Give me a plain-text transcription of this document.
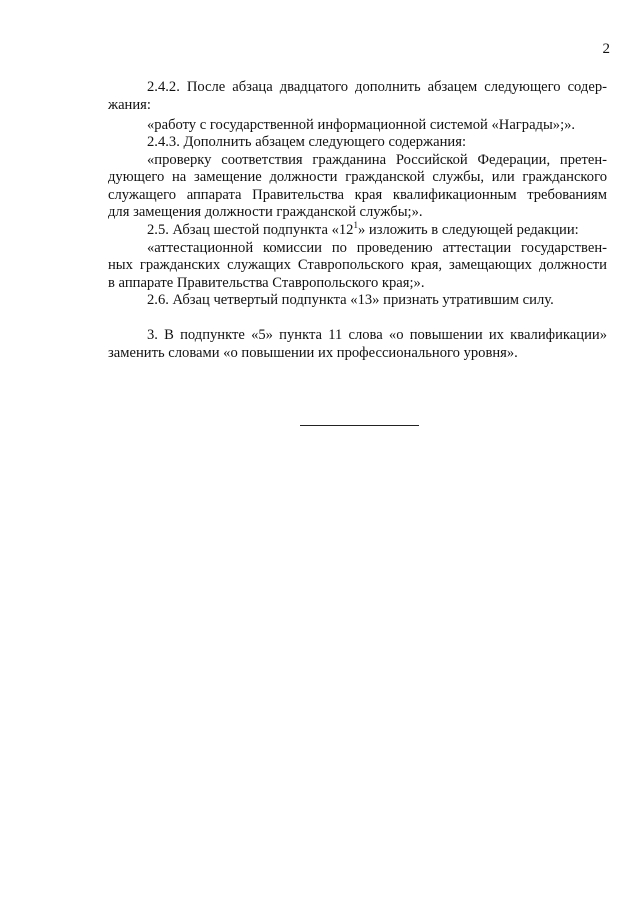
2
2.4.2. После абзаца двадцатого дополнить абзацем следующего содер-
жания:
«работу с государственной информационной системой «Награды»;».
2.4.3. Дополнить абзацем следующего содержания:
«проверку соответствия гражданина Российской Федерации, претен-
дующего на замещение должности гражданской службы, или гражданского
служащего аппарата Правительства края квалификационным требованиям
для замещения должности гражданской службы;».
2.5. Абзац шестой подпункта «$12^1$» изложить в следующей редакции:
«аттестационной комиссии по проведению аттестации государствен-
ных гражданских служащих Ставропольского края, замещающих должности
в аппарате Правительства Ставропольского края;».
2.6. Абзац четвертый подпункта «13» признать утратившим силу.
3. В подпункте «5» пункта 11 слова «о повышении их квалификации»
заменить словами «о повышении их профессионального уровня».
